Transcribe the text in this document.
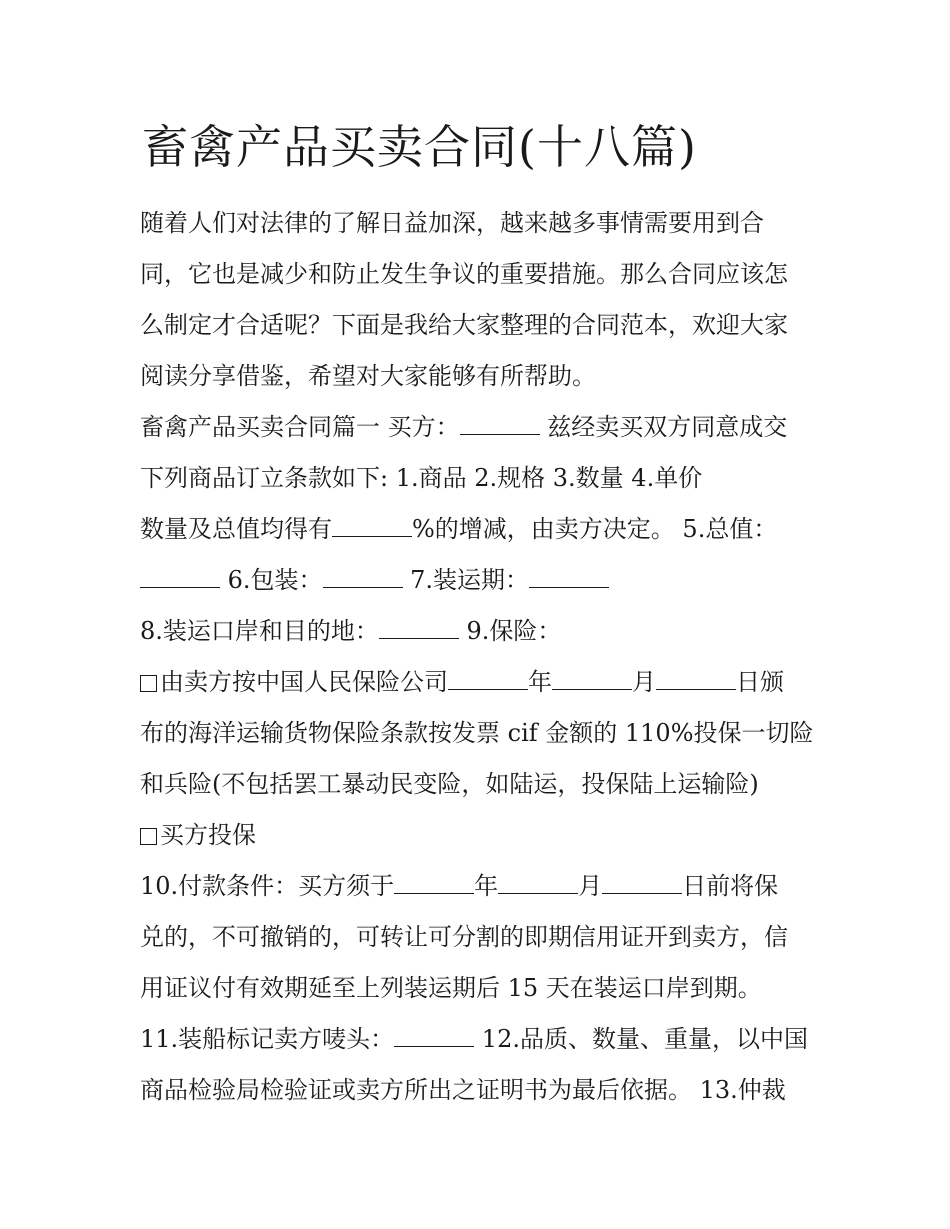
畜禽产品买卖合同(十八篇)
随着人们对法律的了解日益加深，越来越多事情需要用到合
同，它也是减少和防止发生争议的重要措施。那么合同应该怎
么制定才合适呢？下面是我给大家整理的合同范本，欢迎大家
阅读分享借鉴，希望对大家能够有所帮助。
畜禽产品买卖合同篇一 买方：	兹经卖买双方同意成交
下列商品订立条款如下: 1.商品 2.规格 3.数量 4.单价
数量及总值均得有	%的增减，由卖方决定。 5.总值：
6.包装：	7.装运期：
8.装运口岸和目的地：	9.保险：
由卖方按中国人民保险公司	年	月	日颁
布的海洋运输货物保险条款按发票 cif 金额的 110%投保一切险
和兵险(不包括罢工暴动民变险，如陆运，投保陆上运输险)
买方投保
10.付款条件：买方须于	年	月	日前将保
兑的，不可撤销的，可转让可分割的即期信用证开到卖方，信
用证议付有效期延至上列装运期后 15 天在装运口岸到期。
11.装船标记卖方唛头：	12.品质、数量、重量，以中国
商品检验局检验证或卖方所出之证明书为最后依据。 13.仲裁
